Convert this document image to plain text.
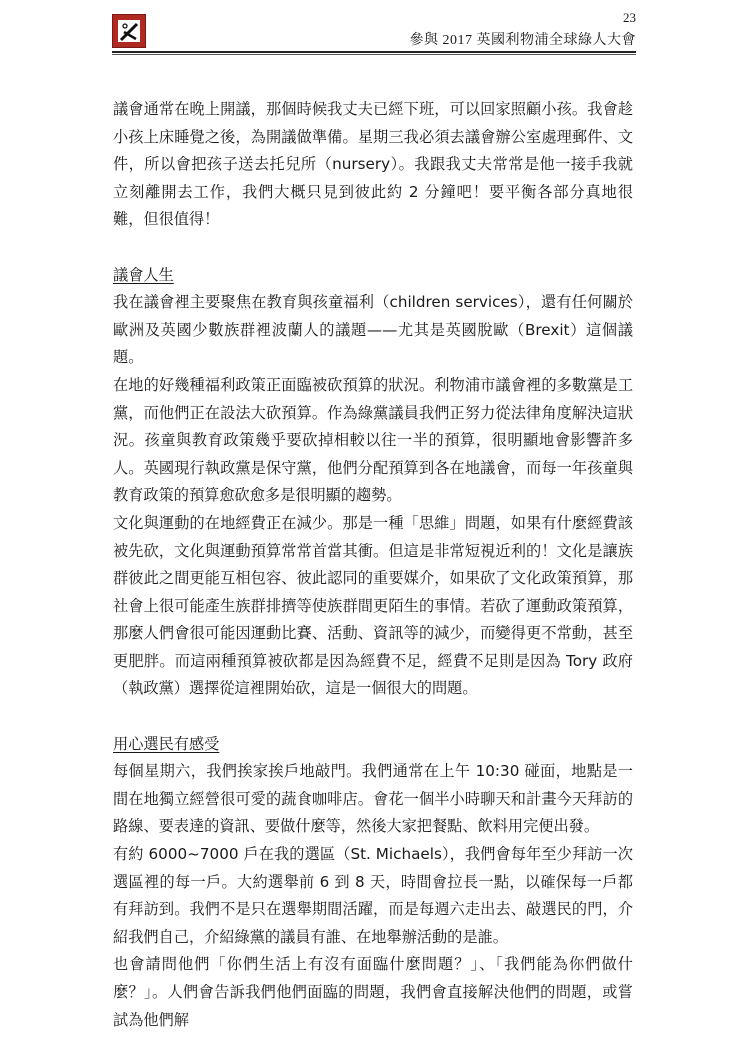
23
參與 2017 英國利物浦全球綠人大會

議會通常在晚上開議，那個時候我丈夫已經下班，可以回家照顧小孩。我會趁小孩上床睡覺之後，為開議做準備。星期三我必須去議會辦公室處理郵件、文件，所以會把孩子送去托兒所（nursery）。我跟我丈夫常常是他一接手我就立刻離開去工作，我們大概只見到彼此約 2 分鐘吧！要平衡各部分真地很難，但很值得！

議會人生

我在議會裡主要聚焦在教育與孩童福利（children services），還有任何關於歐洲及英國少數族群裡波蘭人的議題——尤其是英國脫歐（Brexit）這個議題。

在地的好幾種福利政策正面臨被砍預算的狀況。利物浦市議會裡的多數黨是工黨，而他們正在設法大砍預算。作為綠黨議員我們正努力從法律角度解決這狀況。孩童與教育政策幾乎要砍掉相較以往一半的預算，很明顯地會影響許多人。英國現行執政黨是保守黨，他們分配預算到各在地議會，而每一年孩童與教育政策的預算愈砍愈多是很明顯的趨勢。

文化與運動的在地經費正在減少。那是一種「思維」問題，如果有什麼經費該被先砍，文化與運動預算常常首當其衝。但這是非常短視近利的！文化是讓族群彼此之間更能互相包容、彼此認同的重要媒介，如果砍了文化政策預算，那社會上很可能產生族群排擠等使族群間更陌生的事情。若砍了運動政策預算，那麼人們會很可能因運動比賽、活動、資訊等的減少，而變得更不常動，甚至更肥胖。而這兩種預算被砍都是因為經費不足，經費不足則是因為 Tory 政府（執政黨）選擇從這裡開始砍，這是一個很大的問題。

用心選民有感受

每個星期六，我們挨家挨戶地敲門。我們通常在上午 10:30 碰面，地點是一間在地獨立經營很可愛的蔬食咖啡店。會花一個半小時聊天和計畫今天拜訪的路線、要表達的資訊、要做什麼等，然後大家把餐點、飲料用完便出發。

有約 6000~7000 戶在我的選區（St. Michaels），我們會每年至少拜訪一次選區裡的每一戶。大約選舉前 6 到 8 天，時間會拉長一點，以確保每一戶都有拜訪到。我們不是只在選舉期間活躍，而是每週六走出去、敲選民的門，介紹我們自己，介紹綠黨的議員有誰、在地舉辦活動的是誰。

也會請問他們「你們生活上有沒有面臨什麼問題？」、「我們能為你們做什麼？」。人們會告訴我們他們面臨的問題，我們會直接解決他們的問題，或嘗試為他們解
